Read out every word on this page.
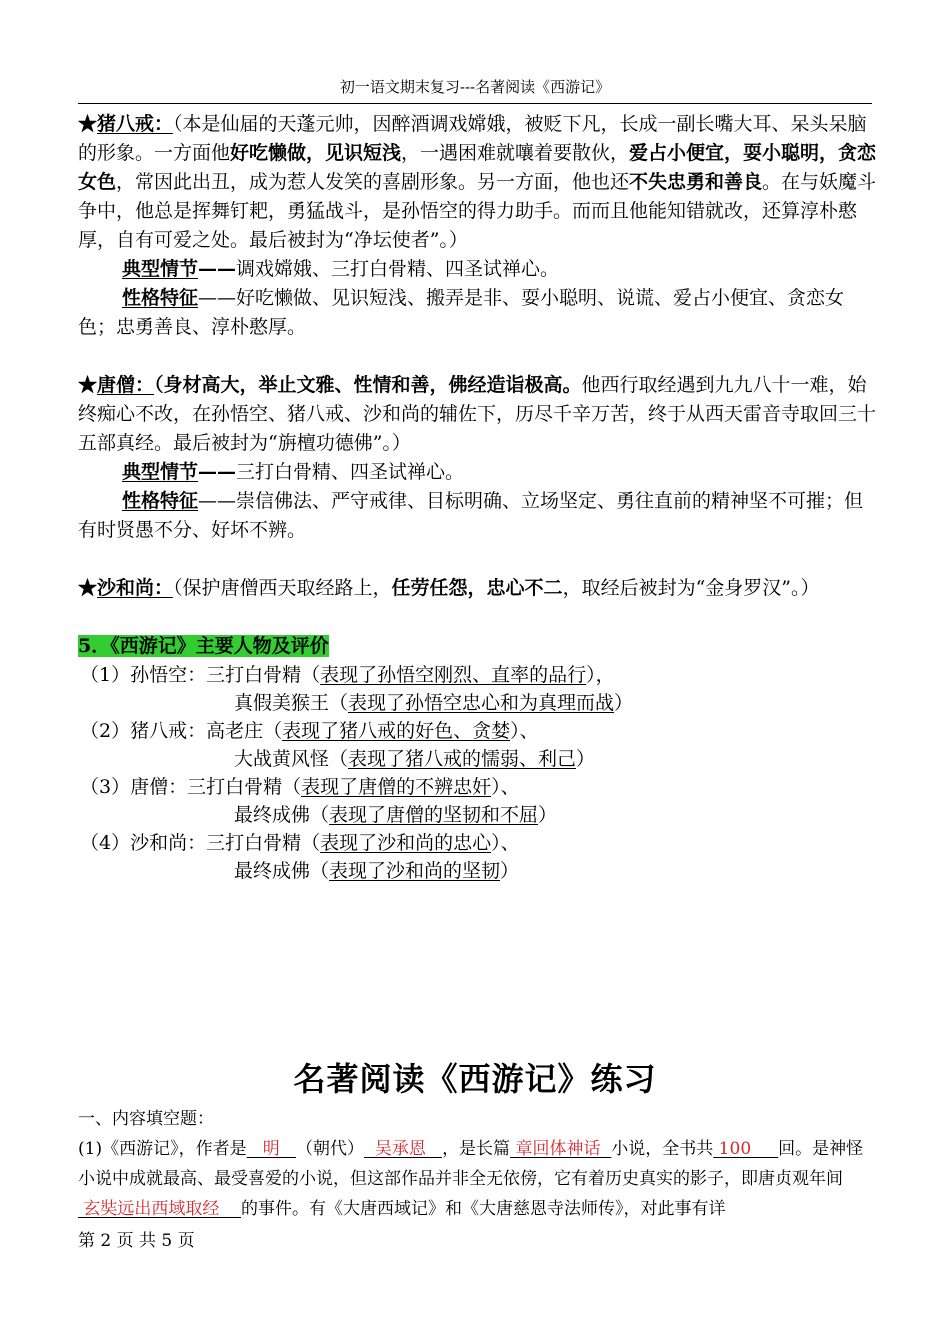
初一语文期末复习---名著阅读《西游记》

★猪八戒：（本是仙届的天蓬元帅，因醉酒调戏嫦娥，被贬下凡，长成一副长嘴大耳、呆头呆脑的形象。一方面他好吃懒做，见识短浅，一遇困难就嚷着要散伙，爱占小便宜，耍小聪明，贪恋女色，常因此出丑，成为惹人发笑的喜剧形象。另一方面，他也还不失忠勇和善良。在与妖魔斗争中，他总是挥舞钉耙，勇猛战斗，是孙悟空的得力助手。而而且他能知错就改，还算淳朴憨厚，自有可爱之处。最后被封为“净坛使者”。）

典型情节——调戏嫦娥、三打白骨精、四圣试禅心。

性格特征——好吃懒做、见识短浅、搬弄是非、耍小聪明、说谎、爱占小便宜、贪恋女色；忠勇善良、淳朴憨厚。

★唐僧：（身材高大，举止文雅、性情和善，佛经造诣极高。他西行取经遇到九九八十一难，始终痴心不改，在孙悟空、猪八戒、沙和尚的辅佐下，历尽千辛万苦，终于从西天雷音寺取回三十五部真经。最后被封为“旃檀功德佛”。）

典型情节——三打白骨精、四圣试禅心。

性格特征——崇信佛法、严守戒律、目标明确、立场坚定、勇往直前的精神坚不可摧；但有时贤愚不分、好坏不辨。

★沙和尚：（保护唐僧西天取经路上，任劳任怨，忠心不二，取经后被封为“金身罗汉”。）

5．《西游记》主要人物及评价

（1）孙悟空：三打白骨精（表现了孙悟空刚烈、直率的品行），

真假美猴王（表现了孙悟空忠心和为真理而战）

（2）猪八戒：高老庄（表现了猪八戒的好色、贪婪）、

大战黄风怪（表现了猪八戒的懦弱、利己）

（3）唐僧：三打白骨精（表现了唐僧的不辨忠奸）、

最终成佛（表现了唐僧的坚韧和不屈）

（4）沙和尚：三打白骨精（表现了沙和尚的忠心）、

最终成佛（表现了沙和尚的坚韧）

名著阅读《西游记》练习

一、内容填空题：

(1)《西游记》，作者是   明   （朝代）  吴承恩   ，是长篇 章回体神话  小说，全书共 100     回。是神怪小说中成就最高、最受喜爱的小说，但这部作品并非全无依傍，它有着历史真实的影子，即唐贞观年间 玄奘远出西域取经    的事件。有《大唐西域记》和《大唐慈恩寺法师传》，对此事有详

第 2 页 共 5 页
